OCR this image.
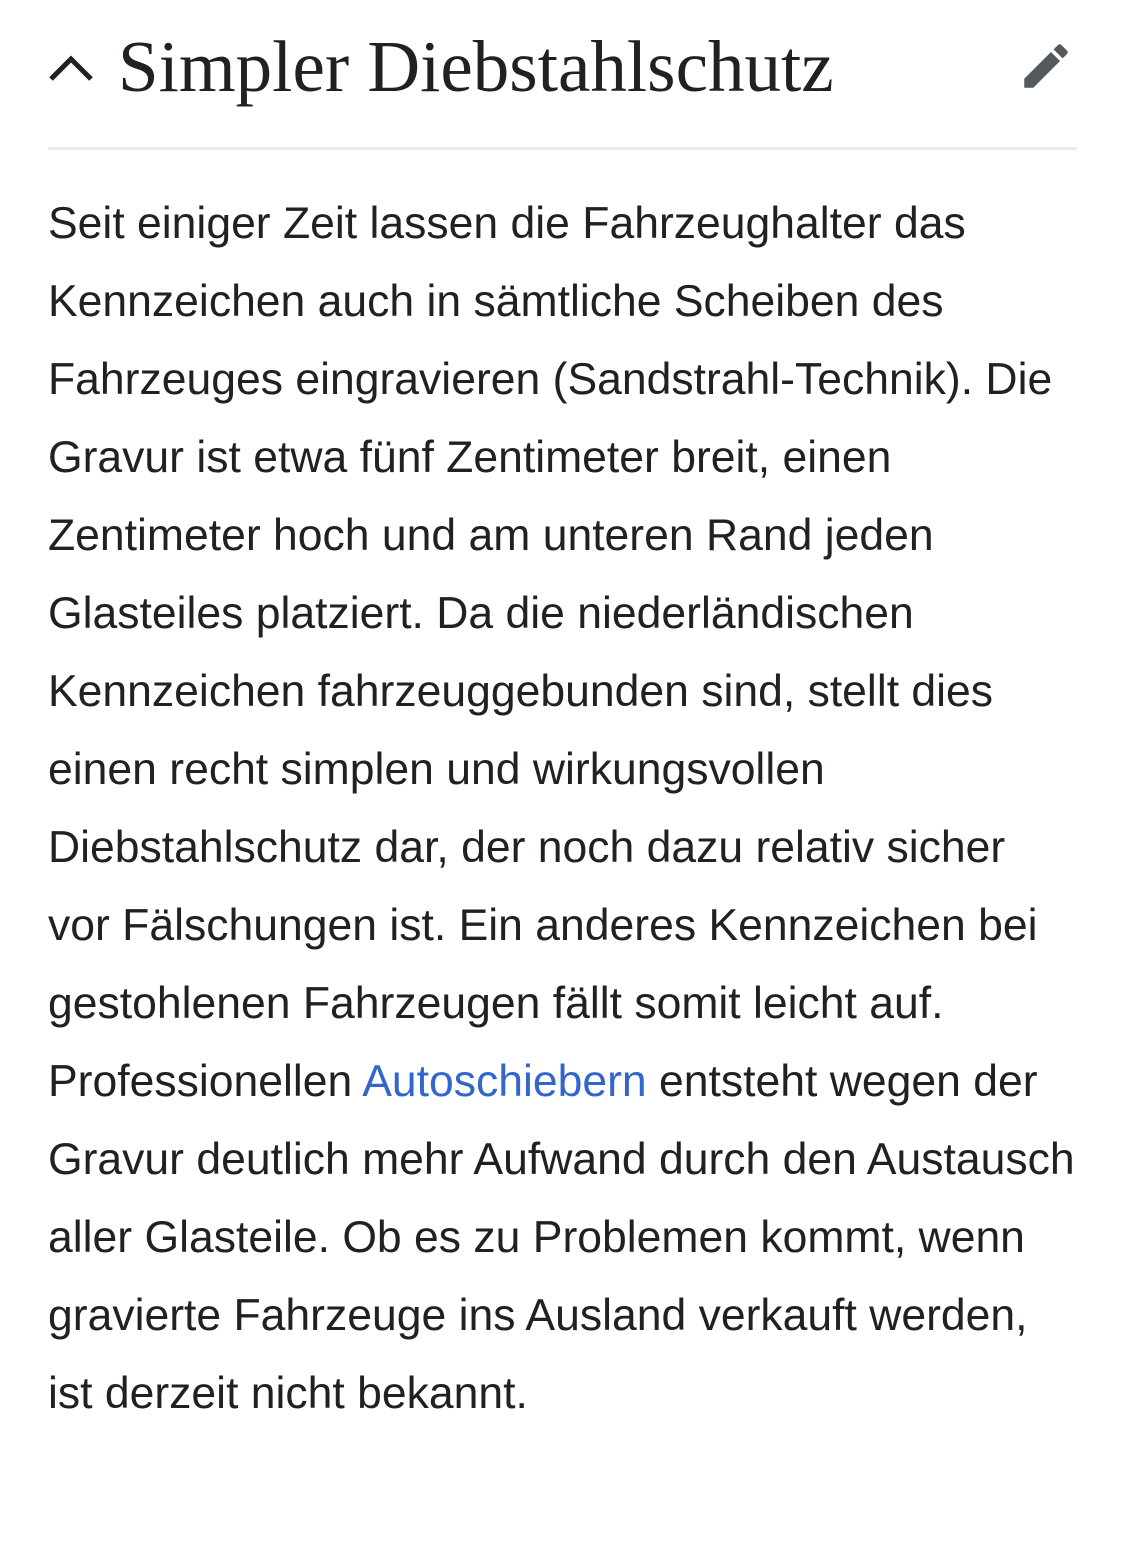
Simpler Diebstahlschutz

Seit einiger Zeit lassen die Fahrzeughalter das Kennzeichen auch in sämtliche Scheiben des Fahrzeuges eingravieren (Sandstrahl-Technik). Die Gravur ist etwa fünf Zentimeter breit, einen Zentimeter hoch und am unteren Rand jeden Glasteiles platziert. Da die niederländischen Kennzeichen fahrzeuggebunden sind, stellt dies einen recht simplen und wirkungsvollen Diebstahlschutz dar, der noch dazu relativ sicher vor Fälschungen ist. Ein anderes Kennzeichen bei gestohlenen Fahrzeugen fällt somit leicht auf. Professionellen Autoschiebern entsteht wegen der Gravur deutlich mehr Aufwand durch den Austausch aller Glasteile. Ob es zu Problemen kommt, wenn gravierte Fahrzeuge ins Ausland verkauft werden, ist derzeit nicht bekannt.
